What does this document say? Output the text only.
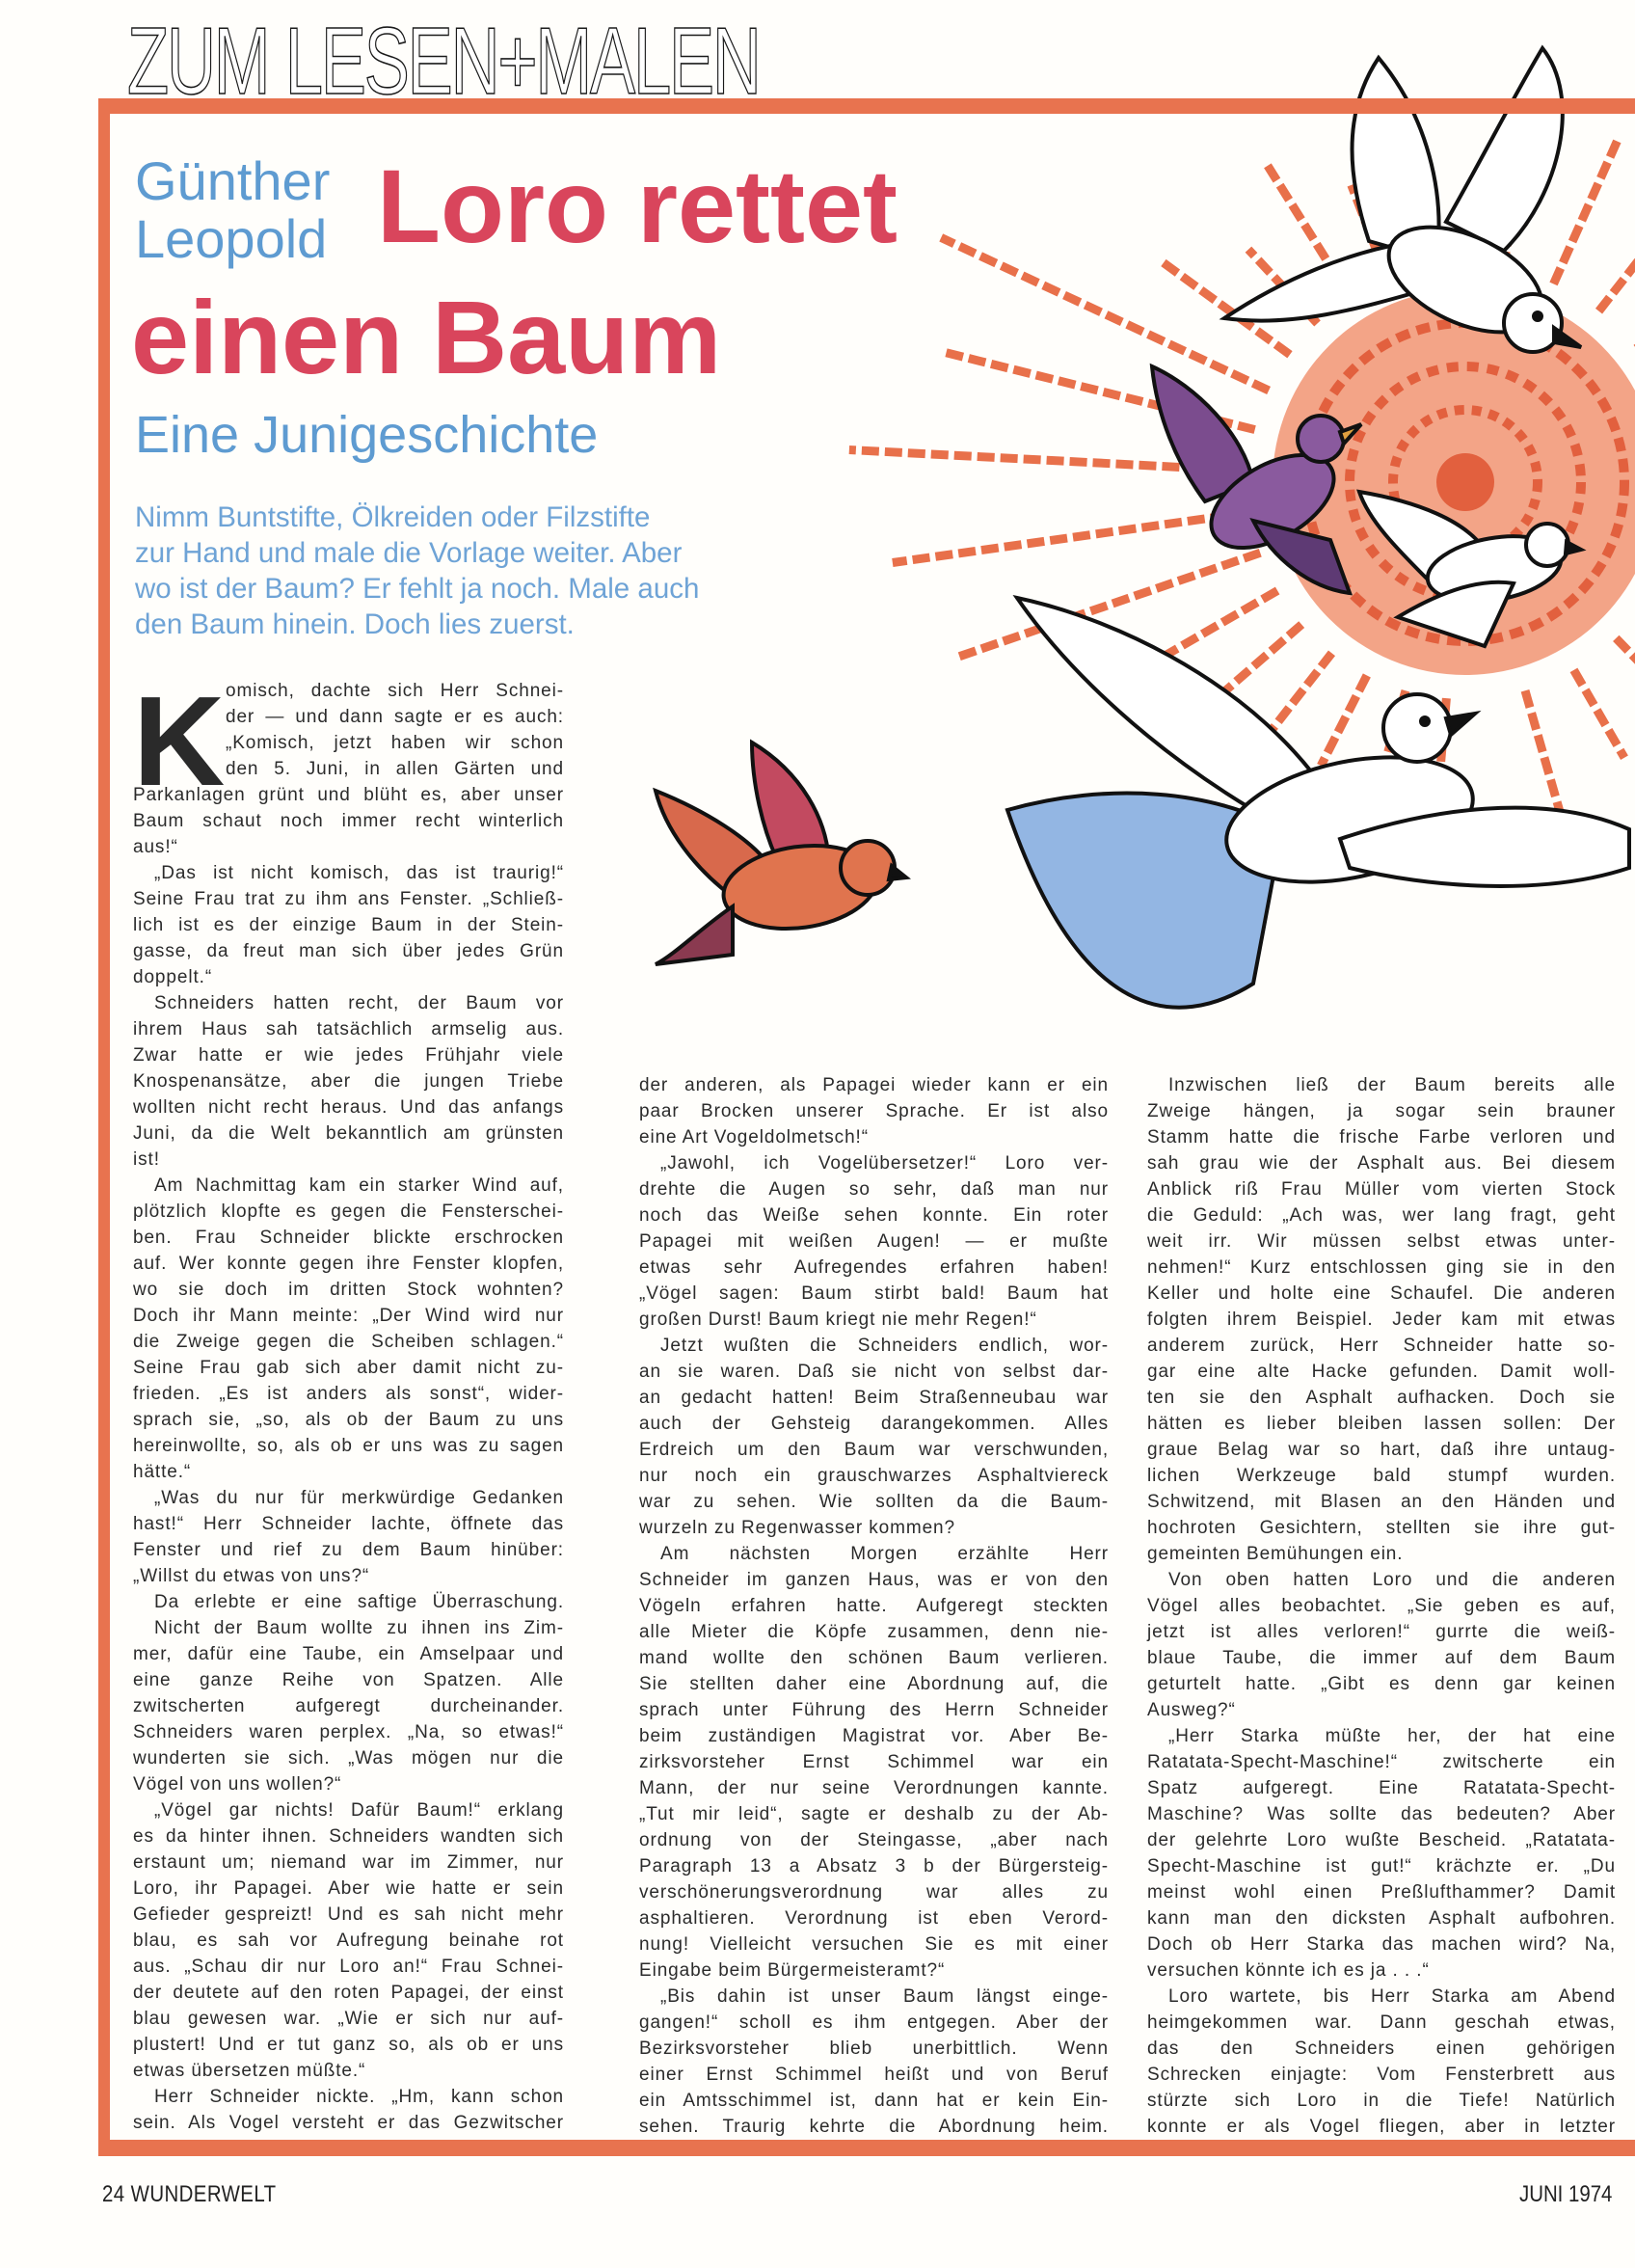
ZUM LESEN+MALEN
Günther
Leopold Loro rettet
einen Baum
Eine Junigeschichte
Nimm Buntstifte, Ölkreiden oder Filzstifte
zur Hand und male die Vorlage weiter. Aber
wo ist der Baum? Er fehlt ja noch. Male auch
den Baum hinein. Doch lies zuerst.
K omisch, dachte sich Herr Schnei-
der — und dann sagte er es auch:
„Komisch, jetzt haben wir schon
den 5. Juni, in allen Gärten und
Parkanlagen grünt und blüht es, aber unser
Baum schaut noch immer recht winterlich
aus!“
„Das ist nicht komisch, das ist traurig!“
Seine Frau trat zu ihm ans Fenster. „Schließ-
lich ist es der einzige Baum in der Stein-
gasse, da freut man sich über jedes Grün
doppelt.“
Schneiders hatten recht, der Baum vor
ihrem Haus sah tatsächlich armselig aus.
Zwar hatte er wie jedes Frühjahr viele
Knospenansätze, aber die jungen Triebe
wollten nicht recht heraus. Und das anfangs
Juni, da die Welt bekanntlich am grünsten
ist!
Am Nachmittag kam ein starker Wind auf,
plötzlich klopfte es gegen die Fensterschei-
ben. Frau Schneider blickte erschrocken
auf. Wer konnte gegen ihre Fenster klopfen,
wo sie doch im dritten Stock wohnten?
Doch ihr Mann meinte: „Der Wind wird nur
die Zweige gegen die Scheiben schlagen.“
Seine Frau gab sich aber damit nicht zu-
frieden. „Es ist anders als sonst“, wider-
sprach sie, „so, als ob der Baum zu uns
hereinwollte, so, als ob er uns was zu sagen
hätte.“
„Was du nur für merkwürdige Gedanken
hast!“ Herr Schneider lachte, öffnete das
Fenster und rief zu dem Baum hinüber:
„Willst du etwas von uns?“
Da erlebte er eine saftige Überraschung.
Nicht der Baum wollte zu ihnen ins Zim-
mer, dafür eine Taube, ein Amselpaar und
eine ganze Reihe von Spatzen. Alle
zwitscherten aufgeregt durcheinander.
Schneiders waren perplex. „Na, so etwas!“
wunderten sie sich. „Was mögen nur die
Vögel von uns wollen?“
„Vögel gar nichts! Dafür Baum!“ erklang
es da hinter ihnen. Schneiders wandten sich
erstaunt um; niemand war im Zimmer, nur
Loro, ihr Papagei. Aber wie hatte er sein
Gefieder gespreizt! Und es sah nicht mehr
blau, es sah vor Aufregung beinahe rot
aus. „Schau dir nur Loro an!“ Frau Schnei-
der deutete auf den roten Papagei, der einst
blau gewesen war. „Wie er sich nur auf-
plustert! Und er tut ganz so, als ob er uns
etwas übersetzen müßte.“
Herr Schneider nickte. „Hm, kann schon
sein. Als Vogel versteht er das Gezwitscher
der anderen, als Papagei wieder kann er ein
paar Brocken unserer Sprache. Er ist also
eine Art Vogeldolmetsch!“
„Jawohl, ich Vogelübersetzer!“ Loro ver-
drehte die Augen so sehr, daß man nur
noch das Weiße sehen konnte. Ein roter
Papagei mit weißen Augen! — er mußte
etwas sehr Aufregendes erfahren haben!
„Vögel sagen: Baum stirbt bald! Baum hat
großen Durst! Baum kriegt nie mehr Regen!“
Jetzt wußten die Schneiders endlich, wor-
an sie waren. Daß sie nicht von selbst dar-
an gedacht hatten! Beim Straßenneubau war
auch der Gehsteig darangekommen. Alles
Erdreich um den Baum war verschwunden,
nur noch ein grauschwarzes Asphaltviereck
war zu sehen. Wie sollten da die Baum-
wurzeln zu Regenwasser kommen?
Am nächsten Morgen erzählte Herr
Schneider im ganzen Haus, was er von den
Vögeln erfahren hatte. Aufgeregt steckten
alle Mieter die Köpfe zusammen, denn nie-
mand wollte den schönen Baum verlieren.
Sie stellten daher eine Abordnung auf, die
sprach unter Führung des Herrn Schneider
beim zuständigen Magistrat vor. Aber Be-
zirksvorsteher Ernst Schimmel war ein
Mann, der nur seine Verordnungen kannte.
„Tut mir leid“, sagte er deshalb zu der Ab-
ordnung von der Steingasse, „aber nach
Paragraph 13 a Absatz 3 b der Bürgersteig-
verschönerungsverordnung war alles zu
asphaltieren. Verordnung ist eben Verord-
nung! Vielleicht versuchen Sie es mit einer
Eingabe beim Bürgermeisteramt?“
„Bis dahin ist unser Baum längst einge-
gangen!“ scholl es ihm entgegen. Aber der
Bezirksvorsteher blieb unerbittlich. Wenn
einer Ernst Schimmel heißt und von Beruf
ein Amtsschimmel ist, dann hat er kein Ein-
sehen. Traurig kehrte die Abordnung heim.
Inzwischen ließ der Baum bereits alle
Zweige hängen, ja sogar sein brauner
Stamm hatte die frische Farbe verloren und
sah grau wie der Asphalt aus. Bei diesem
Anblick riß Frau Müller vom vierten Stock
die Geduld: „Ach was, wer lang fragt, geht
weit irr. Wir müssen selbst etwas unter-
nehmen!“ Kurz entschlossen ging sie in den
Keller und holte eine Schaufel. Die anderen
folgten ihrem Beispiel. Jeder kam mit etwas
anderem zurück, Herr Schneider hatte so-
gar eine alte Hacke gefunden. Damit woll-
ten sie den Asphalt aufhacken. Doch sie
hätten es lieber bleiben lassen sollen: Der
graue Belag war so hart, daß ihre untaug-
lichen Werkzeuge bald stumpf wurden.
Schwitzend, mit Blasen an den Händen und
hochroten Gesichtern, stellten sie ihre gut-
gemeinten Bemühungen ein.
Von oben hatten Loro und die anderen
Vögel alles beobachtet. „Sie geben es auf,
jetzt ist alles verloren!“ gurrte die weiß-
blaue Taube, die immer auf dem Baum
geturtelt hatte. „Gibt es denn gar keinen
Ausweg?“
„Herr Starka müßte her, der hat eine
Ratatata-Specht-Maschine!“ zwitscherte ein
Spatz aufgeregt. Eine Ratatata-Specht-
Maschine? Was sollte das bedeuten? Aber
der gelehrte Loro wußte Bescheid. „Ratatata-
Specht-Maschine ist gut!“ krächzte er. „Du
meinst wohl einen Preßlufthammer? Damit
kann man den dicksten Asphalt aufbohren.
Doch ob Herr Starka das machen wird? Na,
versuchen könnte ich es ja . . .“
Loro wartete, bis Herr Starka am Abend
heimgekommen war. Dann geschah etwas,
das den Schneiders einen gehörigen
Schrecken einjagte: Vom Fensterbrett aus
stürzte sich Loro in die Tiefe! Natürlich
konnte er als Vogel fliegen, aber in letzter
24 WUNDERWELT	JUNI 1974
